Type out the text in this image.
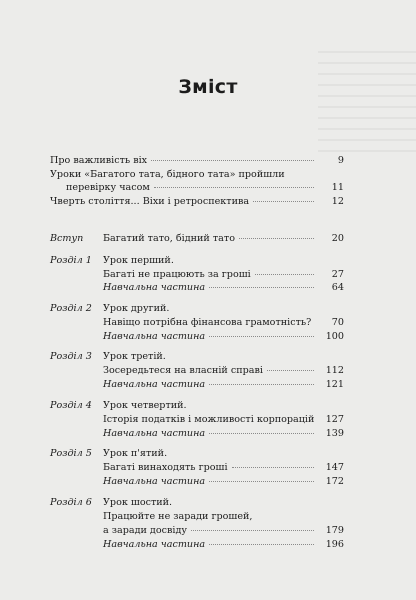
Зміст
Про важливість віх	9
Уроки «Багатого тата, бідного тата» пройшли
перевірку часом	11
Чверть століття... Віхи і ретроспектива	12
Вступ Багатий тато, бідний тато	20
Розділ 1 Урок перший.
Багаті не працюють за гроші	27
Навчальна частина	64
Розділ 2 Урок другий.
Навіщо потрібна фінансова грамотність?	70
Навчальна частина	100
Розділ 3 Урок третій.
Зосередьтеся на власній справі	112
Навчальна частина	121
Розділ 4 Урок четвертий.
Історія податків і можливості корпорацій	127
Навчальна частина	139
Розділ 5 Урок п'ятий.
Багаті винаходять гроші	147
Навчальна частина	172
Розділ 6 Урок шостий.
Працюйте не заради грошей,
а заради досвіду	179
Навчальна частина	196
